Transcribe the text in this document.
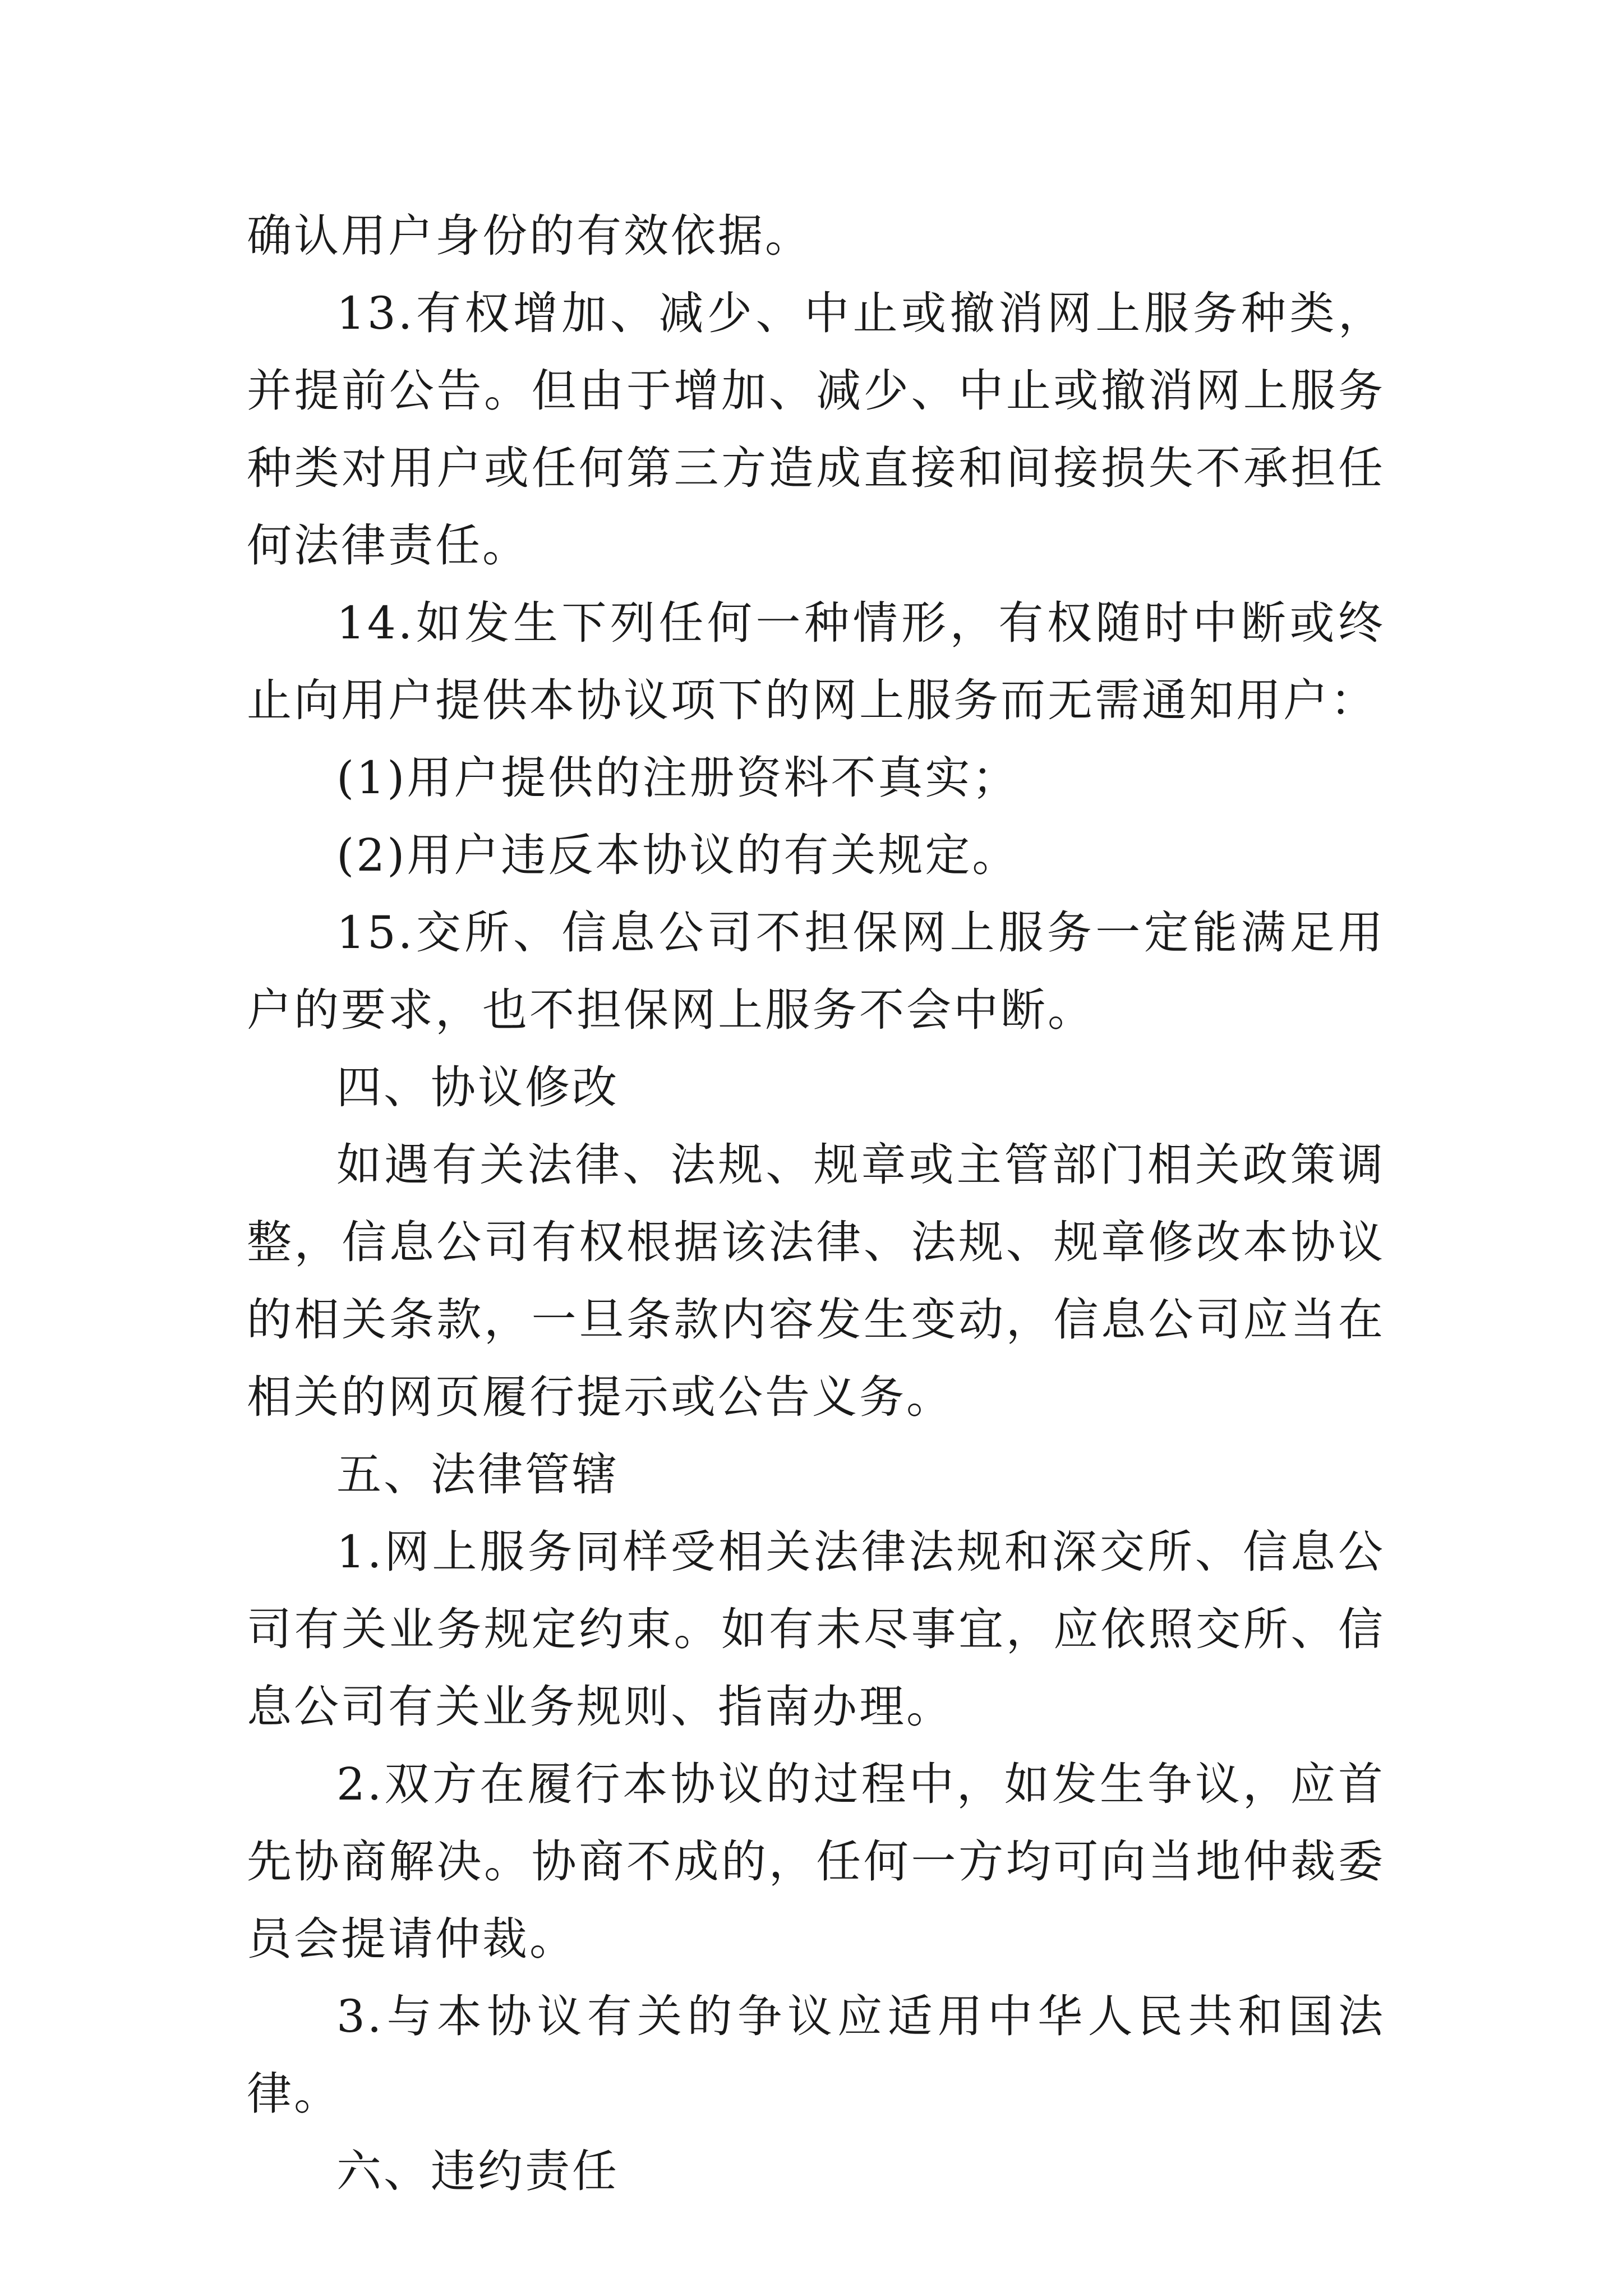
确认用户身份的有效依据。

13.有权增加、减少、中止或撤消网上服务种类，并提前公告。但由于增加、减少、中止或撤消网上服务种类对用户或任何第三方造成直接和间接损失不承担任何法律责任。

14.如发生下列任何一种情形，有权随时中断或终止向用户提供本协议项下的网上服务而无需通知用户：

(1)用户提供的注册资料不真实；

(2)用户违反本协议的有关规定。

15.交所、信息公司不担保网上服务一定能满足用户的要求，也不担保网上服务不会中断。

四、协议修改

如遇有关法律、法规、规章或主管部门相关政策调整，信息公司有权根据该法律、法规、规章修改本协议的相关条款，一旦条款内容发生变动，信息公司应当在相关的网页履行提示或公告义务。

五、法律管辖

1.网上服务同样受相关法律法规和深交所、信息公司有关业务规定约束。如有未尽事宜，应依照交所、信息公司有关业务规则、指南办理。

2.双方在履行本协议的过程中，如发生争议，应首先协商解决。协商不成的，任何一方均可向当地仲裁委员会提请仲裁。

3.与本协议有关的争议应适用中华人民共和国法律。

六、违约责任
